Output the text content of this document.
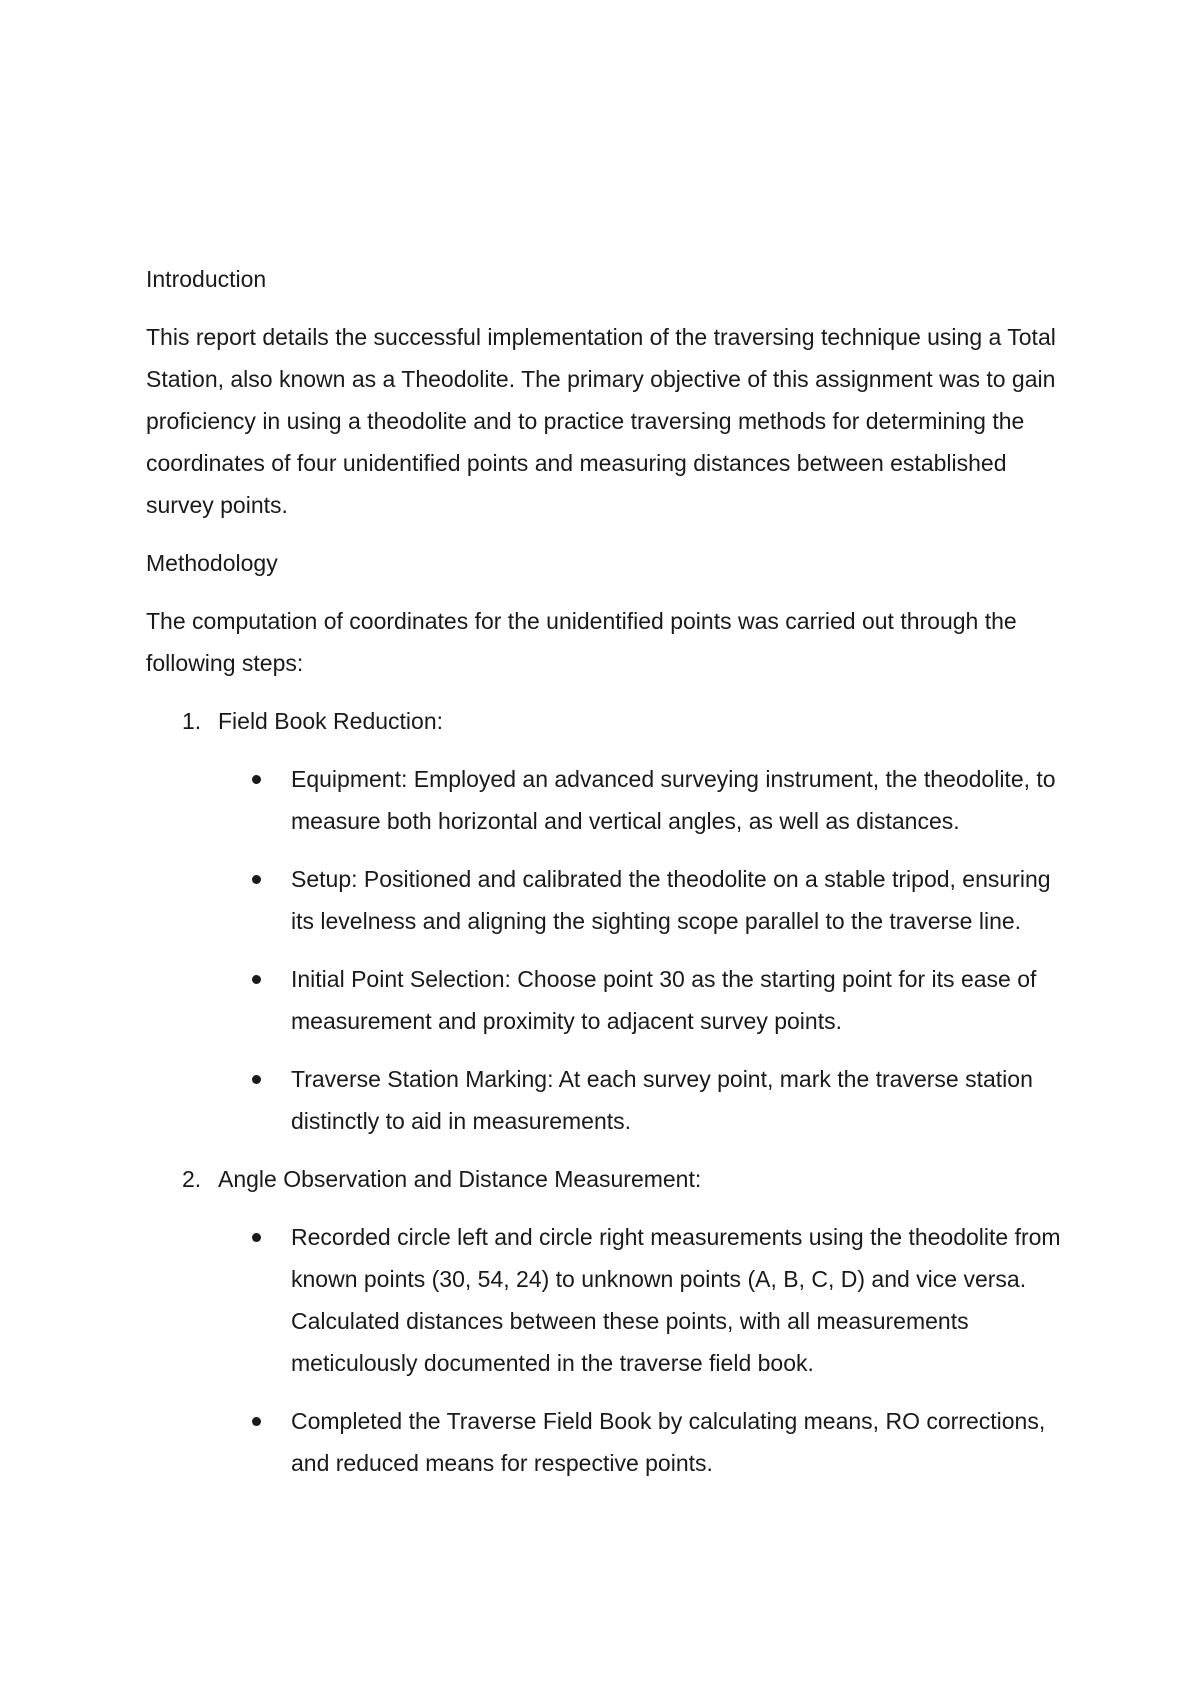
Introduction
This report details the successful implementation of the traversing technique using a Total Station, also known as a Theodolite. The primary objective of this assignment was to gain proficiency in using a theodolite and to practice traversing methods for determining the coordinates of four unidentified points and measuring distances between established survey points.
Methodology
The computation of coordinates for the unidentified points was carried out through the following steps:
1. Field Book Reduction:
Equipment: Employed an advanced surveying instrument, the theodolite, to measure both horizontal and vertical angles, as well as distances.
Setup: Positioned and calibrated the theodolite on a stable tripod, ensuring its levelness and aligning the sighting scope parallel to the traverse line.
Initial Point Selection: Choose point 30 as the starting point for its ease of measurement and proximity to adjacent survey points.
Traverse Station Marking: At each survey point, mark the traverse station distinctly to aid in measurements.
2. Angle Observation and Distance Measurement:
Recorded circle left and circle right measurements using the theodolite from known points (30, 54, 24) to unknown points (A, B, C, D) and vice versa. Calculated distances between these points, with all measurements meticulously documented in the traverse field book.
Completed the Traverse Field Book by calculating means, RO corrections, and reduced means for respective points.
